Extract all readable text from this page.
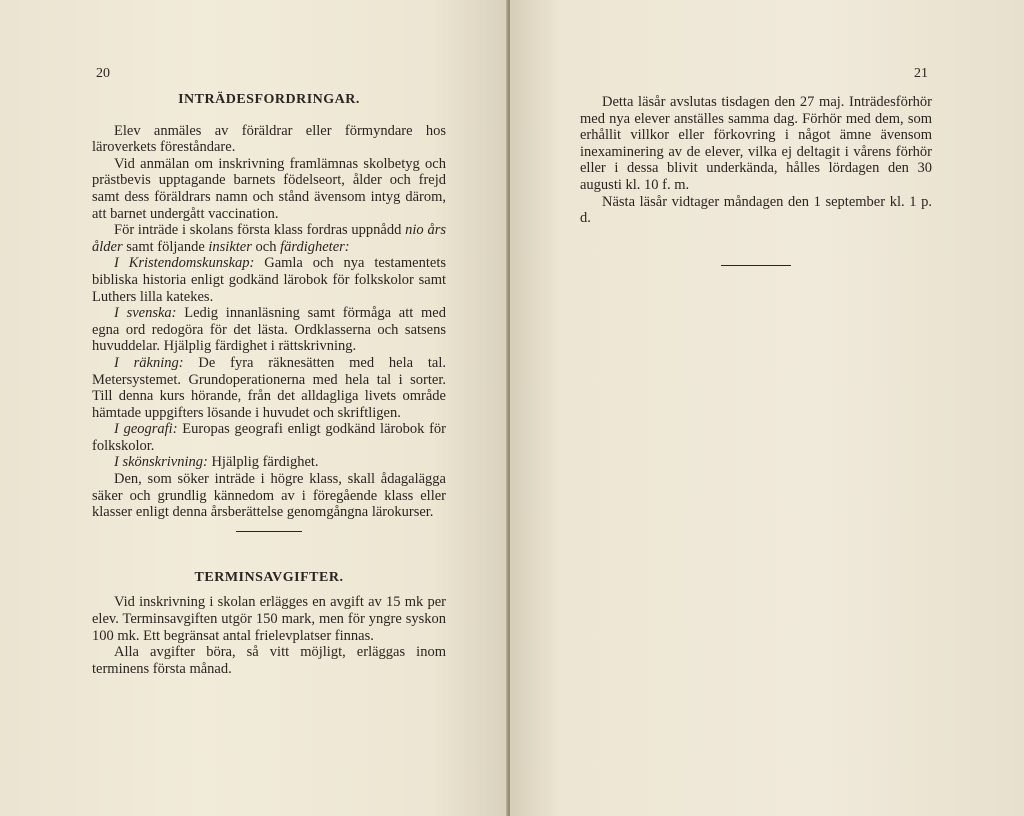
20
INTRÄDESFORDRINGAR.

Elev anmäles av föräldrar eller förmyndare hos läroverkets föreståndare.

Vid anmälan om inskrivning framlämnas skolbetyg och prästbevis upptagande barnets födelseort, ålder och frejd samt dess föräldrars namn och stånd ävensom intyg därom, att barnet undergått vaccination.

För inträde i skolans första klass fordras uppnådd nio års ålder samt följande insikter och färdigheter:

I Kristendomskunskap: Gamla och nya testamentets bibliska historia enligt godkänd lärobok för folkskolor samt Luthers lilla katekes.

I svenska: Ledig innanläsning samt förmåga att med egna ord redogöra för det lästa. Ordklasserna och satsens huvuddelar. Hjälplig färdighet i rättskrivning.

I räkning: De fyra räknesätten med hela tal. Metersystemet. Grundoperationerna med hela tal i sorter. Till denna kurs hörande, från det alldagliga livets område hämtade uppgifters lösande i huvudet och skriftligen.

I geografi: Europas geografi enligt godkänd lärobok för folkskolor.

I skönskrivning: Hjälplig färdighet.

Den, som söker inträde i högre klass, skall ådagalägga säker och grundlig kännedom av i föregående klass eller klasser enligt denna årsberättelse genomgångna lärokurser.

TERMINSAVGIFTER.

Vid inskrivning i skolan erlägges en avgift av 15 mk per elev. Terminsavgiften utgör 150 mark, men för yngre syskon 100 mk. Ett begränsat antal frielevplatser finnas.

Alla avgifter böra, så vitt möjligt, erläggas inom terminens första månad.

21

Detta läsår avslutas tisdagen den 27 maj. Inträdesförhör med nya elever anställes samma dag. Förhör med dem, som erhållit villkor eller förkovring i något ämne ävensom inexaminering av de elever, vilka ej deltagit i vårens förhör eller i dessa blivit underkända, hålles lördagen den 30 augusti kl. 10 f. m.

Nästa läsår vidtager måndagen den 1 september kl. 1 p. d.
